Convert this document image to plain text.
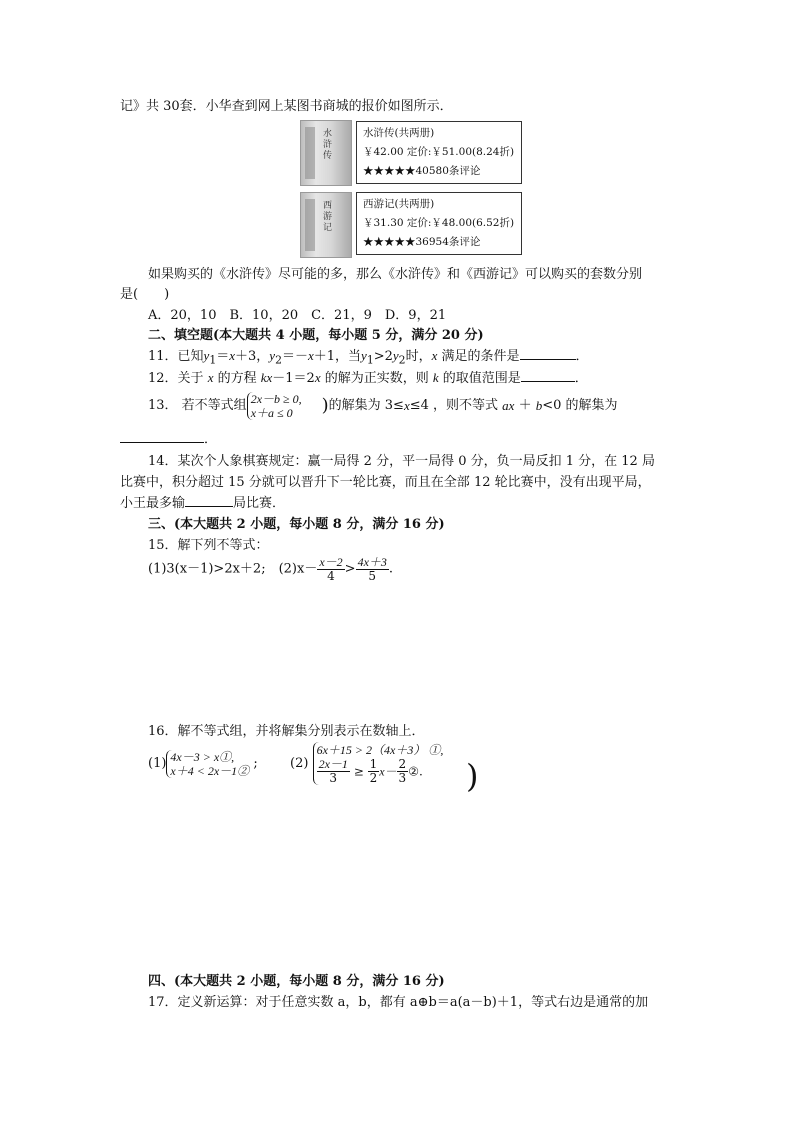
记》共 30套．小华查到网上某图书商城的报价如图所示．
水浒传
水浒传(共两册)
￥42.00 定价:￥51.00(8.24折)
★★★★★40580条评论
西游记
西游记(共两册)
￥31.30 定价:￥48.00(6.52折)
★★★★★36954条评论
如果购买的《水浒传》尽可能的多，那么《水浒传》和《西游记》可以购买的套数分别
是(　　)
A．20，10　B．10，20　C．21，9　D．9，21
二、填空题(本大题共 4 小题，每小题 5 分，满分 20 分)
11．已知$y_1=x+3$，$y_2=-x+1$，当$y_1>2y_2$时，x 满足的条件是	．
12．关于 x 的方程 kx－1＝2x 的解为正实数，则 k 的取值范围是	．
13． 若不等式组 2x－b ≥ 0,
x＋a ≤ 0	)的解集为 3≤x≤4 ，则不等式 ax ＋ b<0 的解集为
．
14．某次个人象棋赛规定：赢一局得 2 分，平一局得 0 分，负一局反扣 1 分，在 12 局
比赛中，积分超过 15 分就可以晋升下一轮比赛，而且在全部 12 轮比赛中，没有出现平局，
小王最多输	局比赛．
三、(本大题共 2 小题，每小题 8 分，满分 16 分)
15．解下列不等式：
(1)3(x－1)>2x＋2;　$(2)x- \frac{x-2}{4} > \frac{4x+3}{5}$ .
16．解不等式组，并将解集分别表示在数轴上．
(1) 4x－3 > x①,
x＋4 < 2x－1② ; (2)
6x＋15 > 2（4x＋3） ①,
$\frac{2x-1}{3} \ge \frac{1}{2} x- \frac{2}{3}$ ②.	)
四、(本大题共 2 小题，每小题 8 分，满分 16 分)
17．定义新运算：对于任意实数 a，b，都有 a⊕b＝a(a－b)＋1，等式右边是通常的加
